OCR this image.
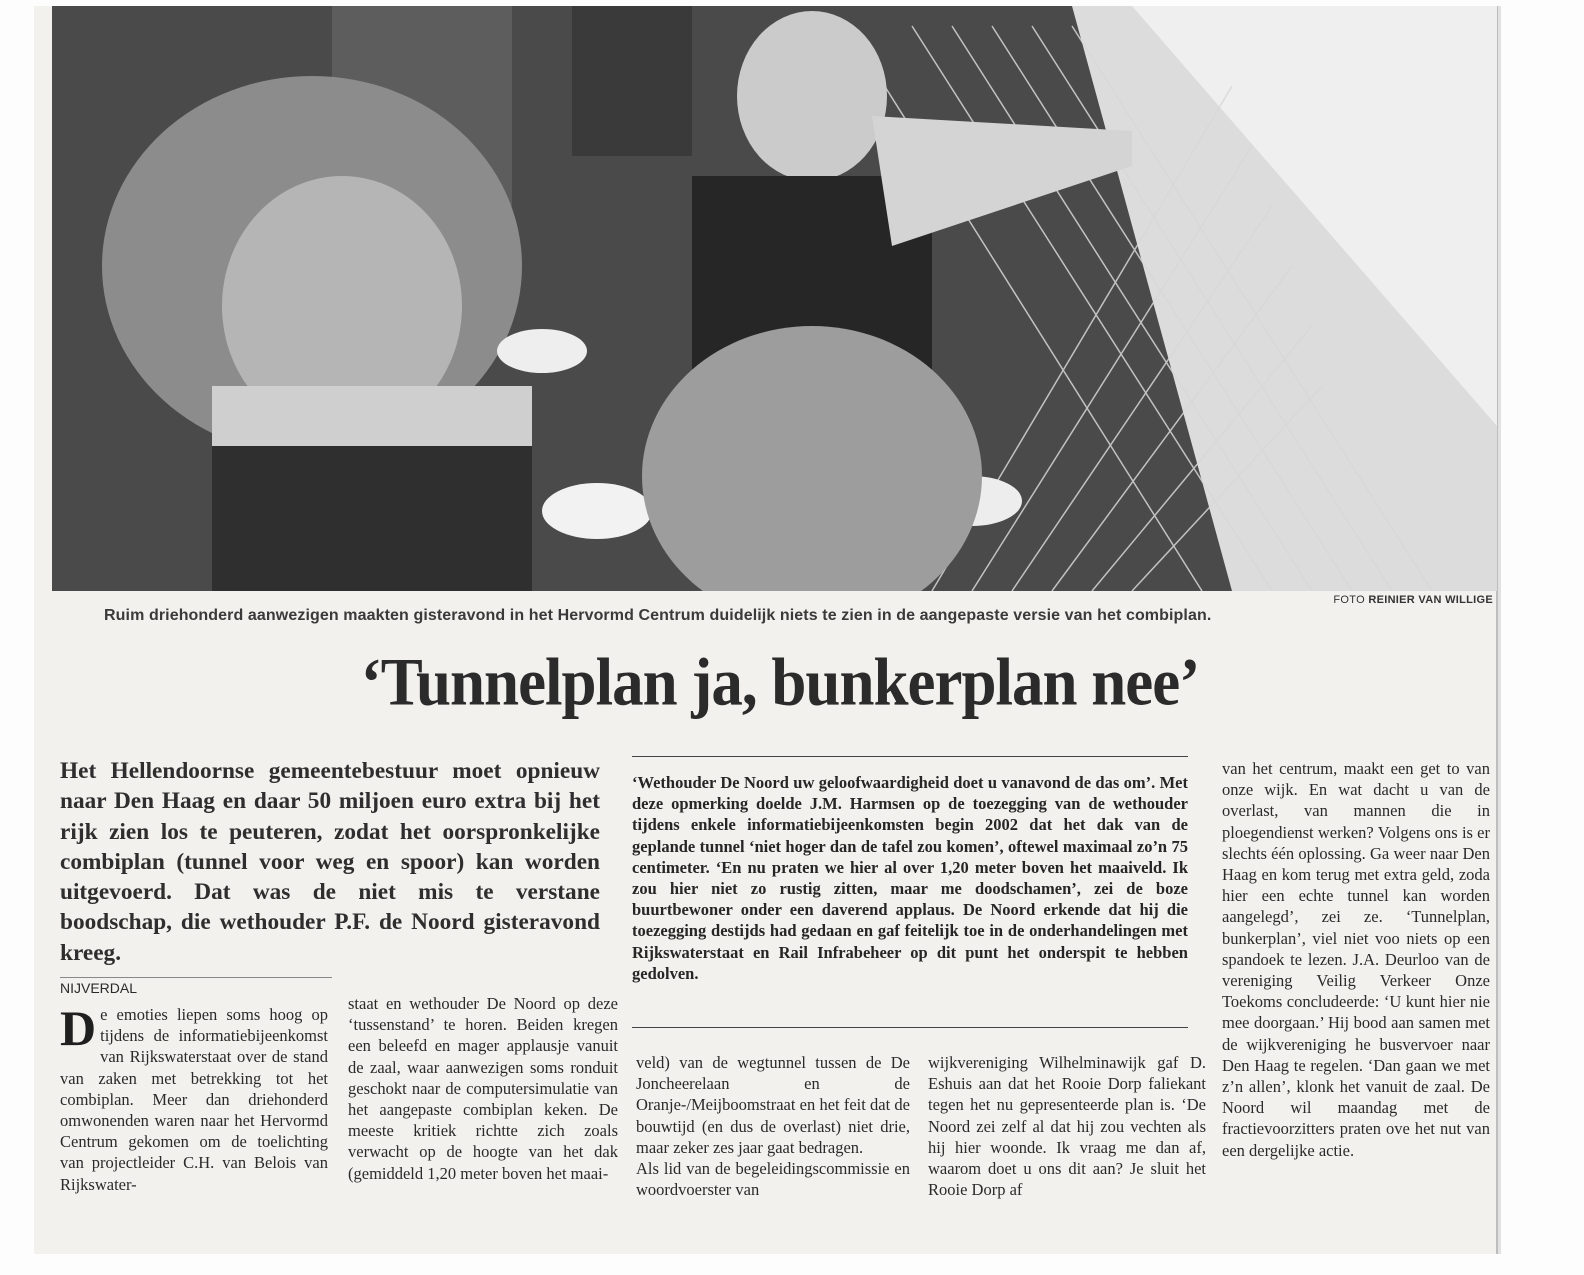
FOTO REINIER VAN WILLIGE
Ruim driehonderd aanwezigen maakten gisteravond in het Hervormd Centrum duidelijk niets te zien in de aangepaste versie van het combiplan.
‘Tunnelplan ja, bunkerplan nee’
Het Hellendoornse gemeentebestuur moet opnieuw naar Den Haag en daar 50 miljoen euro extra bij het rijk zien los te peuteren, zodat het oorspronkelijke combiplan (tunnel voor weg en spoor) kan worden uitgevoerd. Dat was de niet mis te verstane boodschap, die wethouder P.F. de Noord gisteravond kreeg.
NIJVERDAL
De emoties liepen soms hoog op tijdens de informatiebijeenkomst van Rijkswaterstaat over de stand van zaken met betrekking tot het combiplan. Meer dan driehonderd omwonenden waren naar het Hervormd Centrum gekomen om de toelichting van projectleider C.H. van Belois van Rijkswater-
staat en wethouder De Noord op deze ‘tussenstand’ te horen. Beiden kregen een beleefd en mager applausje vanuit de zaal, waar aanwezigen soms ronduit geschokt naar de computersimulatie van het aangepaste combiplan keken. De meeste kritiek richtte zich zoals verwacht op de hoogte van het dak (gemiddeld 1,20 meter boven het maai-
‘Wethouder De Noord uw geloofwaardigheid doet u vanavond de das om’. Met deze opmerking doelde J.M. Harmsen op de toezegging van de wethouder tijdens enkele informatiebijeenkomsten begin 2002 dat het dak van de geplande tunnel ‘niet hoger dan de tafel zou komen’, oftewel maximaal zo’n 75 centimeter. ‘En nu praten we hier al over 1,20 meter boven het maaiveld. Ik zou hier niet zo rustig zitten, maar me doodschamen’, zei de boze buurtbewoner onder een daverend applaus. De Noord erkende dat hij die toezegging destijds had gedaan en gaf feitelijk toe in de onderhandelingen met Rijkswaterstaat en Rail Infrabeheer op dit punt het onderspit te hebben gedolven.

veld) van de wegtunnel tussen de De Joncheerelaan en de Oranje-/Meijboomstraat en het feit dat de bouwtijd (en dus de overlast) niet drie, maar zeker zes jaar gaat bedragen.

Als lid van de begeleidingscommissie en woordvoerster van

wijkvereniging Wilhelminawijk gaf D. Eshuis aan dat het Rooie Dorp faliekant tegen het nu gepresenteerde plan is. ‘De Noord zei zelf al dat hij zou vechten als hij hier woonde. Ik vraag me dan af, waarom doet u ons dit aan? Je sluit het Rooie Dorp af
van het centrum, maakt een get to van onze wijk. En wat dacht u van de overlast, van mannen die in ploegendienst werken? Volgens ons is er slechts één oplossing. Ga weer naar Den Haag en kom terug met extra geld, zoda hier een echte tunnel kan worden aangelegd’, zei ze. ‘Tunnelplan, bunkerplan’, viel niet voo niets op een spandoek te lezen. J.A. Deurloo van de vereniging Veilig Verkeer Onze Toekoms concludeerde: ‘U kunt hier nie mee doorgaan.’ Hij bood aan samen met de wijkvereniging he busvervoer naar Den Haag te regelen. ‘Dan gaan we met z’n allen’, klonk het vanuit de zaal. De Noord wil maandag met de fractievoorzitters praten ove het nut van een dergelijke actie.
